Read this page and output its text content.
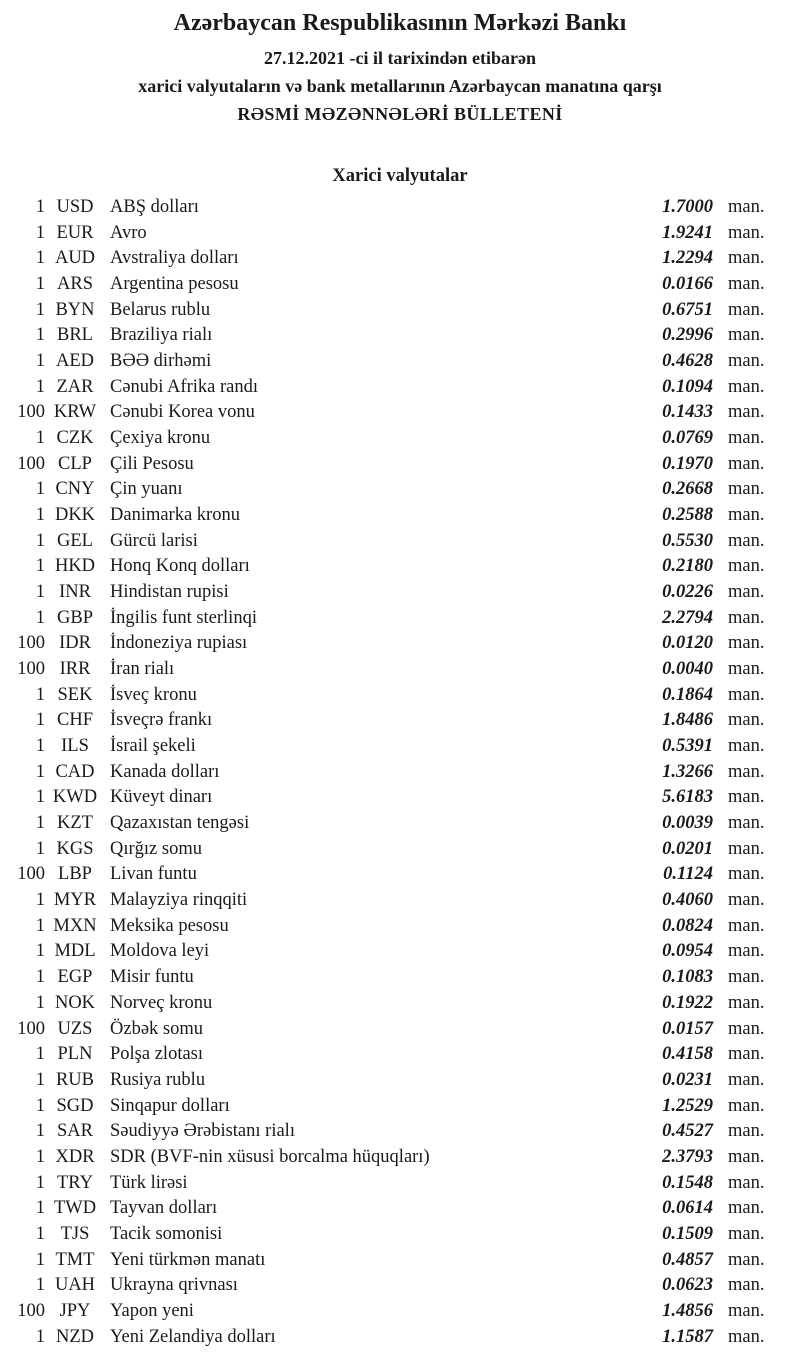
Azərbaycan Respublikasının Mərkəzi Bankı
27.12.2021 -ci il tarixindən etibarən
xarici valyutaların və bank metallarının Azərbaycan manatına qarşı
RƏSMİ MƏZƏNNƏLƏRİ BÜLLETENİ
Xarici valyutalar
1 USD ABŞ dolları	1.7000 man.
1 EUR Avro	1.9241 man.
1 AUD Avstraliya dolları	1.2294 man.
1 ARS Argentina pesosu	0.0166 man.
1 BYN Belarus rublu	0.6751 man.
1 BRL Braziliya rialı	0.2996 man.
1 AED BƏƏ dirhəmi	0.4628 man.
1 ZAR Cənubi Afrika randı	0.1094 man.
100 KRW Cənubi Korea vonu	0.1433 man.
1 CZK Çexiya kronu	0.0769 man.
100 CLP Çili Pesosu	0.1970 man.
1 CNY Çin yuanı	0.2668 man.
1 DKK Danimarka kronu	0.2588 man.
1 GEL Gürcü larisi	0.5530 man.
1 HKD Honq Konq dolları	0.2180 man.
1 INR	Hindistan rupisi	0.0226 man.
1 GBP İngilis funt sterlinqi	2.2794 man.
100 IDR	İndoneziya rupiası	0.0120 man.
100 IRR	İran rialı	0.0040 man.
1 SEK İsveç kronu	0.1864 man.
1 CHF İsveçrə frankı	1.8486 man.
1 ILS	İsrail şekeli	0.5391 man.
1 CAD Kanada dolları	1.3266 man.
1 KWD Küveyt dinarı	5.6183 man.
1 KZT Qazaxıstan tengəsi	0.0039 man.
1 KGS Qırğız somu	0.0201 man.
100 LBP Livan funtu	0.1124 man.
1 MYR Malayziya rinqqiti	0.4060 man.
1 MXN Meksika pesosu	0.0824 man.
1 MDL Moldova leyi	0.0954 man.
1 EGP Misir funtu	0.1083 man.
1 NOK Norveç kronu	0.1922 man.
100 UZS Özbək somu	0.0157 man.
1 PLN Polşa zlotası	0.4158 man.
1 RUB Rusiya rublu	0.0231 man.
1 SGD Sinqapur dolları	1.2529 man.
1 SAR Səudiyyə Ərəbistanı rialı	0.4527 man.
1 XDR SDR (BVF-nin xüsusi borcalma hüquqları)	2.3793 man.
1 TRY Türk lirəsi	0.1548 man.
1 TWD Tayvan dolları	0.0614 man.
1 TJS	Tacik somonisi	0.1509 man.
1 TMT Yeni türkmən manatı	0.4857 man.
1 UAH Ukrayna qrivnası	0.0623 man.
100 JPY	Yapon yeni	1.4856 man.
1 NZD Yeni Zelandiya dolları	1.1587 man.
